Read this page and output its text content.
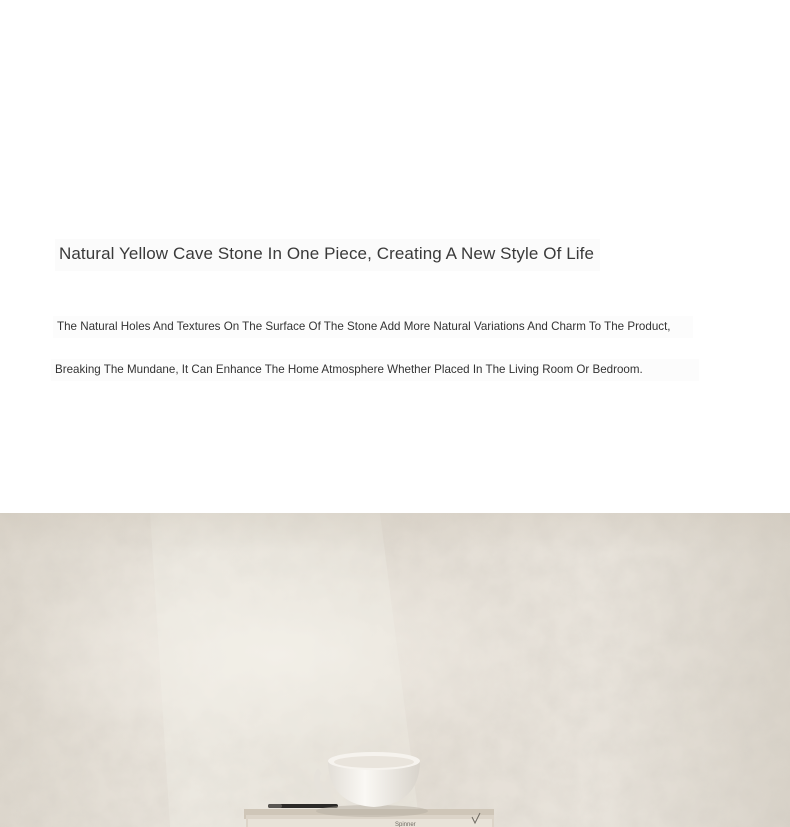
Natural Yellow Cave Stone In One Piece, Creating A New Style Of Life
The Natural Holes And Textures On The Surface Of The Stone Add More Natural Variations And Charm To The Product,
Breaking The Mundane, It Can Enhance The Home Atmosphere Whether Placed In The Living Room Or Bedroom.
Spinner
